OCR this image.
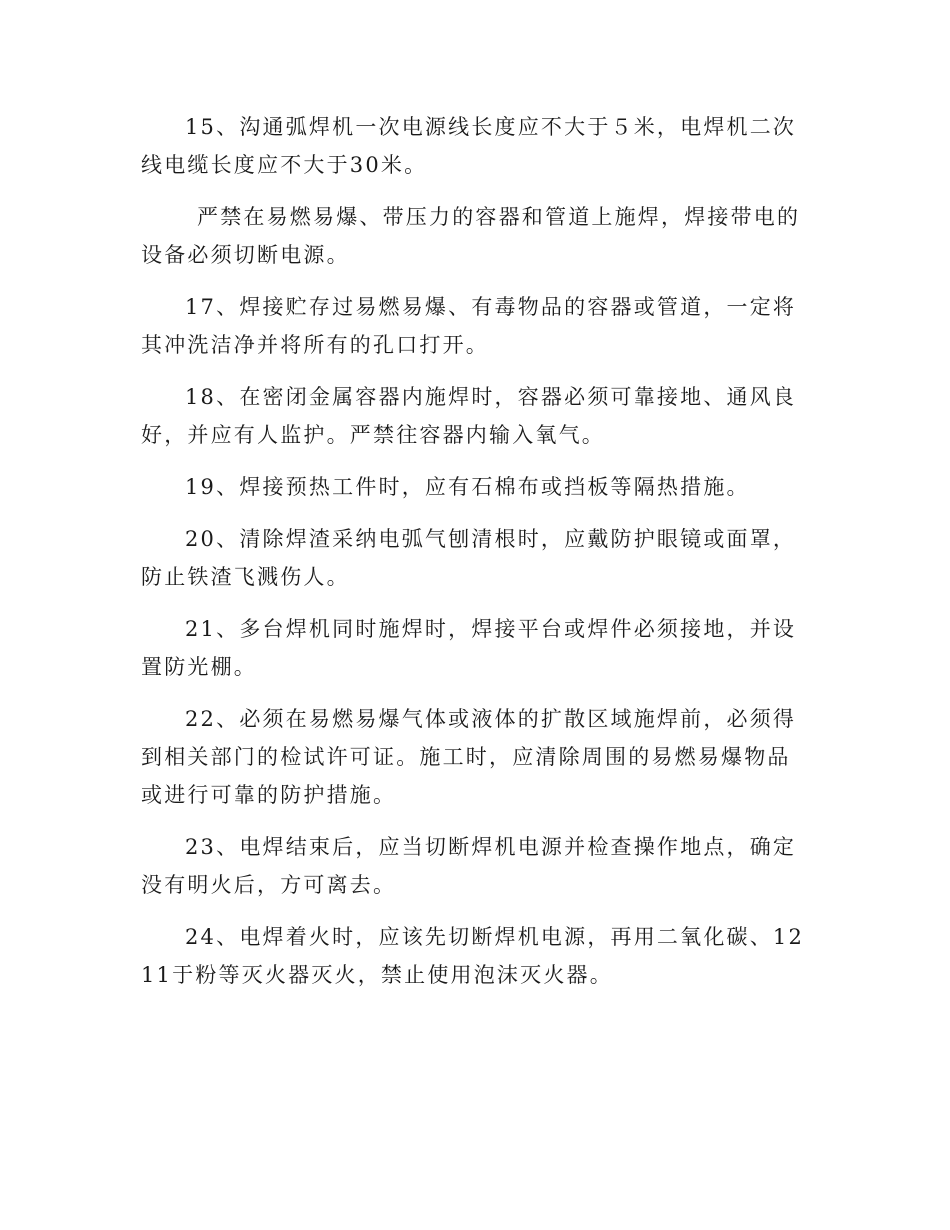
15、沟通弧焊机一次电源线长度应不大于５米，电焊机二次线电缆长度应不大于30米。

严禁在易燃易爆、带压力的容器和管道上施焊，焊接带电的设备必须切断电源。

17、焊接贮存过易燃易爆、有毒物品的容器或管道，一定将其冲洗洁净并将所有的孔口打开。

18、在密闭金属容器内施焊时，容器必须可靠接地、通风良好，并应有人监护。严禁往容器内输入氧气。

19、焊接预热工件时，应有石棉布或挡板等隔热措施。

20、清除焊渣采纳电弧气刨清根时，应戴防护眼镜或面罩，防止铁渣飞溅伤人。

21、多台焊机同时施焊时，焊接平台或焊件必须接地，并设置防光棚。

22、必须在易燃易爆气体或液体的扩散区域施焊前，必须得到相关部门的检试许可证。施工时，应清除周围的易燃易爆物品或进行可靠的防护措施。

23、电焊结束后，应当切断焊机电源并检查操作地点，确定没有明火后，方可离去。

24、电焊着火时，应该先切断焊机电源，再用二氧化碳、1211于粉等灭火器灭火，禁止使用泡沫灭火器。
